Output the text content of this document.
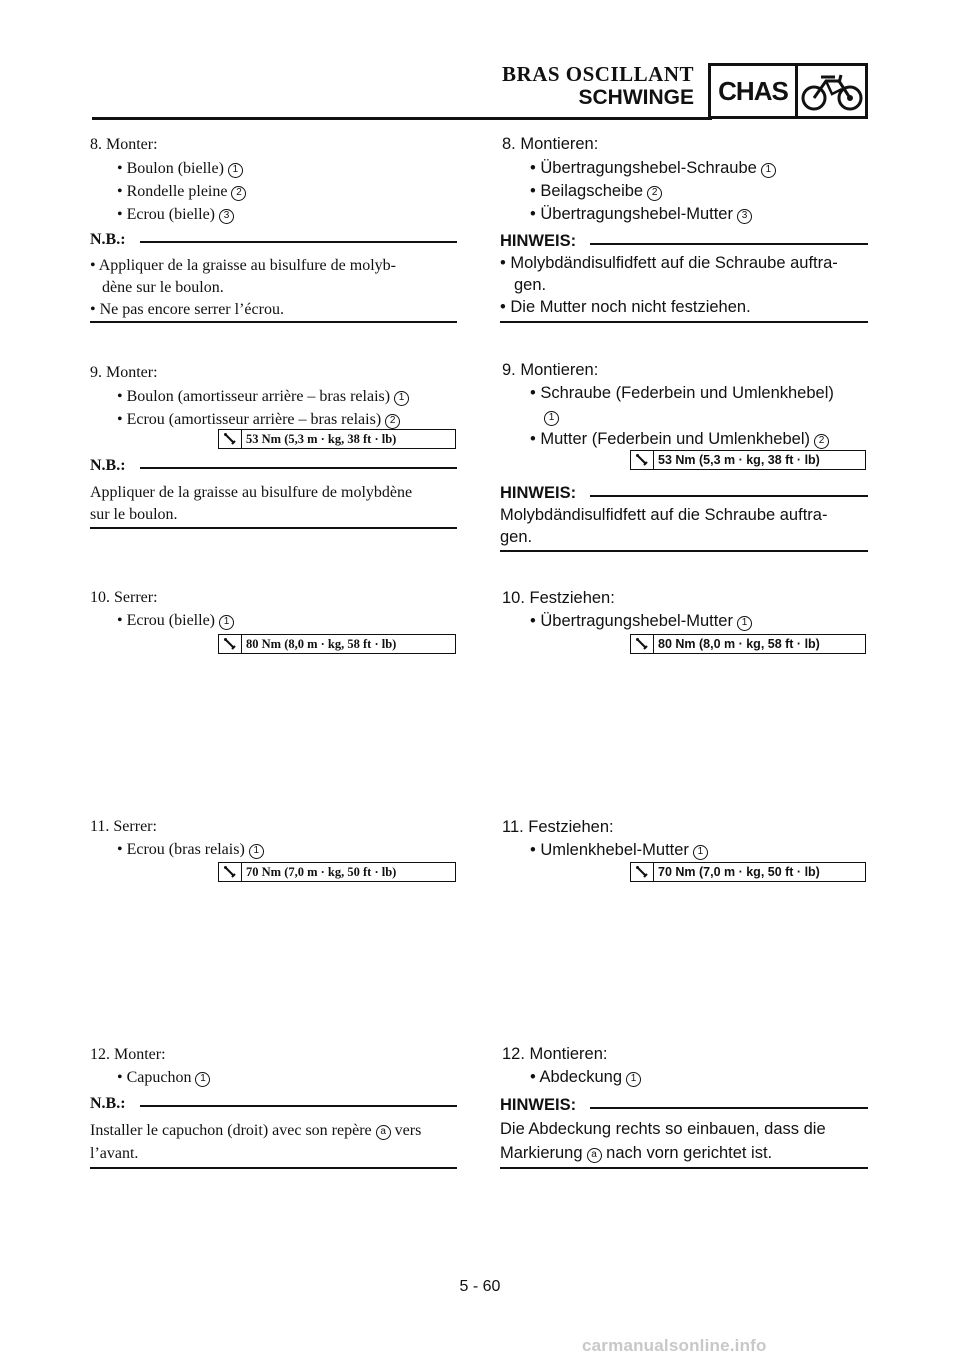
BRAS OSCILLANT
SCHWINGE CHAS
8. Monter:
• Boulon (bielle) 1
• Rondelle pleine 2
• Ecrou (bielle) 3
N.B.:
• Appliquer de la graisse au bisulfure de molyb-
dène sur le boulon.
• Ne pas encore serrer l’écrou.
9. Monter:
• Boulon (amortisseur arrière – bras relais) 1
• Ecrou (amortisseur arrière – bras relais) 2
53 Nm (5,3 m · kg, 38 ft · lb)
N.B.:
Appliquer de la graisse au bisulfure de molybdène
sur le boulon.
10. Serrer:
• Ecrou (bielle) 1
80 Nm (8,0 m · kg, 58 ft · lb)
11. Serrer:
• Ecrou (bras relais) 1
70 Nm (7,0 m · kg, 50 ft · lb)
12. Monter:
• Capuchon 1
N.B.:
Installer le capuchon (droit) avec son repère a vers
l’avant.
8. Montieren:
• Übertragungshebel-Schraube 1
• Beilagscheibe 2
• Übertragungshebel-Mutter 3
HINWEIS:
• Molybdändisulfidfett auf die Schraube auftra-
gen.
• Die Mutter noch nicht festziehen.
9. Montieren:
• Schraube (Federbein und Umlenkhebel)
1
• Mutter (Federbein und Umlenkhebel) 2
53 Nm (5,3 m · kg, 38 ft · lb)
HINWEIS:
Molybdändisulfidfett auf die Schraube auftra-
gen.
10. Festziehen:
• Übertragungshebel-Mutter 1
80 Nm (8,0 m · kg, 58 ft · lb)
11. Festziehen:
• Umlenkhebel-Mutter 1
70 Nm (7,0 m · kg, 50 ft · lb)
12. Montieren:
• Abdeckung 1
HINWEIS:
Die Abdeckung rechts so einbauen, dass die
Markierung a nach vorn gerichtet ist.
5 - 60
carmanualsonline.info
